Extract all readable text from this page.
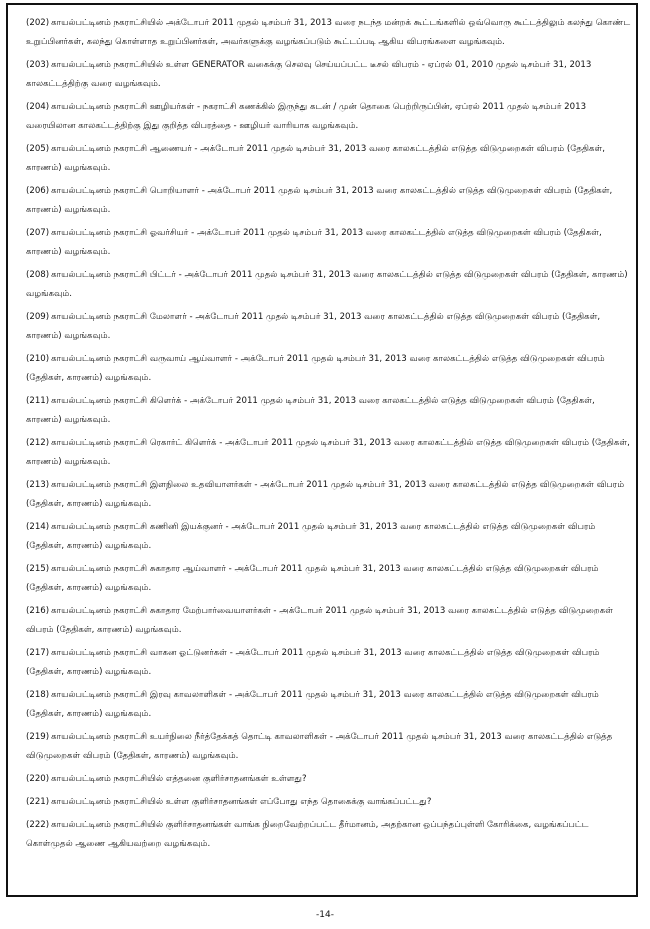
(202) காயல்பட்டினம் நகராட்சியில் அக்டோபர் 2011 முதல் டிசம்பர் 31, 2013 வரை நடந்த மன்றக் கூட்டங்களில் ஒவ்வொரு கூட்டத்திலும் கலந்து கொண்ட உறுப்பினர்கள், கலந்து கொள்ளாத உறுப்பினர்கள், அவர்களுக்கு வழங்கப்படும் கூட்டப்படி ஆகிய விபரங்களை வழங்கவும்.

(203) காயல்பட்டினம் நகராட்சியில் உள்ள GENERATOR வகைக்கு செலவு செய்யப்பட்ட டீசல் விபரம் - ஏப்ரல் 01, 2010 முதல் டிசம்பர் 31, 2013 காலகட்டத்திற்கு வரை வழங்கவும்.

(204) காயல்பட்டினம் நகராட்சி ஊழியர்கள் - நகராட்சி கணக்கில் இருந்து கடன் / முன் தொகை பெற்றிருப்பின், ஏப்ரல் 2011 முதல் டிசம்பர் 2013 வரையிலான காலகட்டத்திற்கு இது குறித்த விபரத்தை - ஊழியர் வாரியாக வழங்கவும்.

(205) காயல்பட்டினம் நகராட்சி ஆணையர் - அக்டோபர் 2011 முதல் டிசம்பர் 31, 2013 வரை காலகட்டத்தில் எடுத்த விடுமுறைகள் விபரம் (தேதிகள், காரணம்) வழங்கவும்.

(206) காயல்பட்டினம் நகராட்சி பொறியாளர் - அக்டோபர் 2011 முதல் டிசம்பர் 31, 2013 வரை காலகட்டத்தில் எடுத்த விடுமுறைகள் விபரம் (தேதிகள், காரணம்) வழங்கவும்.

(207) காயல்பட்டினம் நகராட்சி ஓவர்சியர் - அக்டோபர் 2011 முதல் டிசம்பர் 31, 2013 வரை காலகட்டத்தில் எடுத்த விடுமுறைகள் விபரம் (தேதிகள், காரணம்) வழங்கவும்.

(208) காயல்பட்டினம் நகராட்சி பிட்டர் - அக்டோபர் 2011 முதல் டிசம்பர் 31, 2013 வரை காலகட்டத்தில் எடுத்த விடுமுறைகள் விபரம் (தேதிகள், காரணம்) வழங்கவும்.

(209) காயல்பட்டினம் நகராட்சி மேலாளர் - அக்டோபர் 2011 முதல் டிசம்பர் 31, 2013 வரை காலகட்டத்தில் எடுத்த விடுமுறைகள் விபரம் (தேதிகள், காரணம்) வழங்கவும்.

(210) காயல்பட்டினம் நகராட்சி வருவாய் ஆய்வாளர் - அக்டோபர் 2011 முதல் டிசம்பர் 31, 2013 வரை காலகட்டத்தில் எடுத்த விடுமுறைகள் விபரம் (தேதிகள், காரணம்) வழங்கவும்.

(211) காயல்பட்டினம் நகராட்சி கிளெர்க் - அக்டோபர் 2011 முதல் டிசம்பர் 31, 2013 வரை காலகட்டத்தில் எடுத்த விடுமுறைகள் விபரம் (தேதிகள், காரணம்) வழங்கவும்.

(212) காயல்பட்டினம் நகராட்சி ரெகார்ட் கிளெர்க் - அக்டோபர் 2011 முதல் டிசம்பர் 31, 2013 வரை காலகட்டத்தில் எடுத்த விடுமுறைகள் விபரம் (தேதிகள், காரணம்) வழங்கவும்.

(213) காயல்பட்டினம் நகராட்சி இளநிலை உதவியாளர்கள் - அக்டோபர் 2011 முதல் டிசம்பர் 31, 2013 வரை காலகட்டத்தில் எடுத்த விடுமுறைகள் விபரம் (தேதிகள், காரணம்) வழங்கவும்.

(214) காயல்பட்டினம் நகராட்சி கணினி இயக்குனர் - அக்டோபர் 2011 முதல் டிசம்பர் 31, 2013 வரை காலகட்டத்தில் எடுத்த விடுமுறைகள் விபரம் (தேதிகள், காரணம்) வழங்கவும்.

(215) காயல்பட்டினம் நகராட்சி சுகாதார ஆய்வாளர் - அக்டோபர் 2011 முதல் டிசம்பர் 31, 2013 வரை காலகட்டத்தில் எடுத்த விடுமுறைகள் விபரம் (தேதிகள், காரணம்) வழங்கவும்.

(216) காயல்பட்டினம் நகராட்சி சுகாதார மேற்பார்வையாளர்கள் - அக்டோபர் 2011 முதல் டிசம்பர் 31, 2013 வரை காலகட்டத்தில் எடுத்த விடுமுறைகள் விபரம் (தேதிகள், காரணம்) வழங்கவும்.

(217) காயல்பட்டினம் நகராட்சி வாகன ஓட்டுனர்கள் - அக்டோபர் 2011 முதல் டிசம்பர் 31, 2013 வரை காலகட்டத்தில் எடுத்த விடுமுறைகள் விபரம் (தேதிகள், காரணம்) வழங்கவும்.

(218) காயல்பட்டினம் நகராட்சி இரவு காவலாளிகள் - அக்டோபர் 2011 முதல் டிசம்பர் 31, 2013 வரை காலகட்டத்தில் எடுத்த விடுமுறைகள் விபரம் (தேதிகள், காரணம்) வழங்கவும்.

(219) காயல்பட்டினம் நகராட்சி உயர்நிலை நீர்த்தேக்கத் தொட்டி காவலாளிகள் - அக்டோபர் 2011 முதல் டிசம்பர் 31, 2013 வரை காலகட்டத்தில் எடுத்த விடுமுறைகள் விபரம் (தேதிகள், காரணம்) வழங்கவும்.

(220) காயல்பட்டினம் நகராட்சியில் எத்தனை குளிர்சாதனங்கள் உள்ளது?

(221) காயல்பட்டினம் நகராட்சியில் உள்ள குளிர்சாதனங்கள் எப்போது எந்த தொகைக்கு வாங்கப்பட்டது?

(222) காயல்பட்டினம் நகராட்சியில் குளிர்சாதனங்கள் வாங்க நிறைவேற்றப்பட்ட தீர்மானம், அதற்கான ஒப்பந்தப்புள்ளி கோரிக்கை, வழங்கப்பட்ட கொள்முதல் ஆணை ஆகியவற்றை வழங்கவும்.

-14-
